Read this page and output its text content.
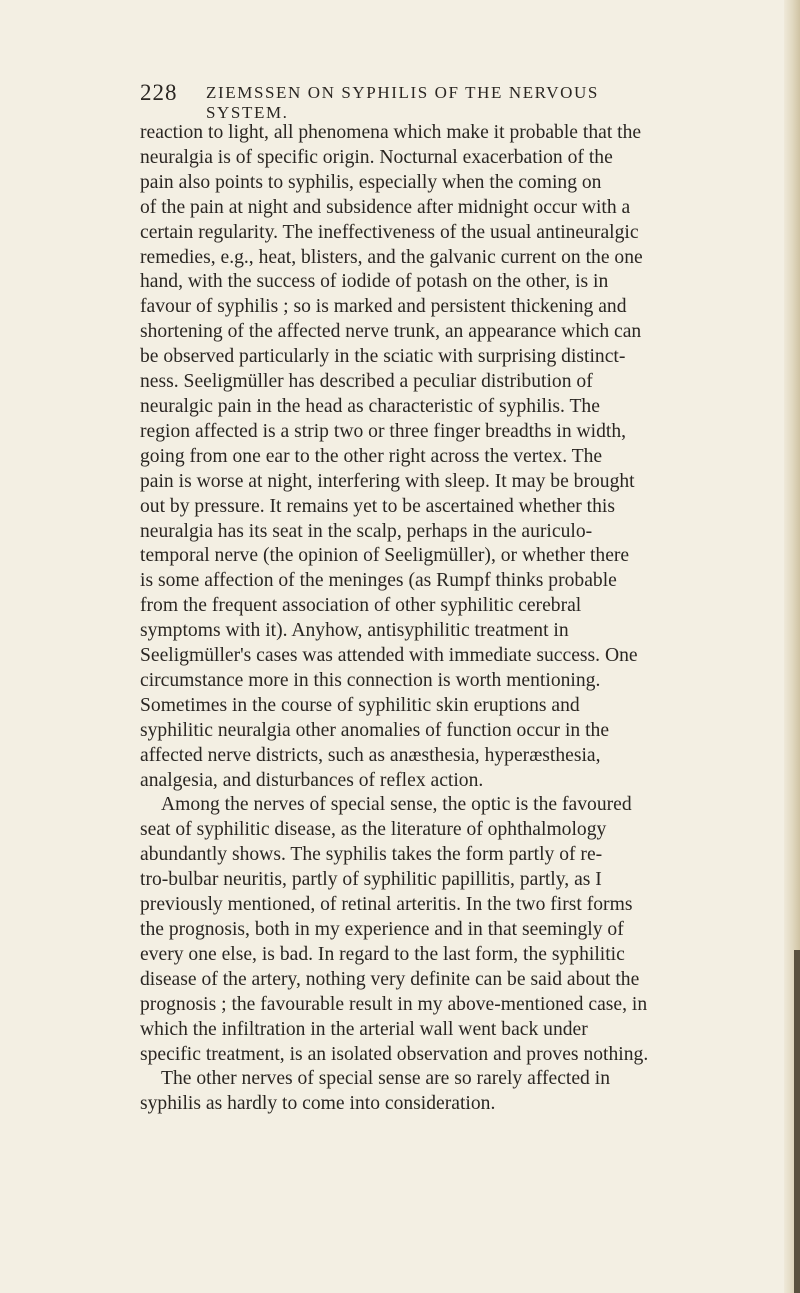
228 ZIEMSSEN ON SYPHILIS OF THE NERVOUS SYSTEM.
reaction to light, all phenomena which make it probable that the
neuralgia is of specific origin. Nocturnal exacerbation of the
pain also points to syphilis, especially when the coming on
of the pain at night and subsidence after midnight occur with a
certain regularity. The ineffectiveness of the usual antineuralgic
remedies, e.g., heat, blisters, and the galvanic current on the one
hand, with the success of iodide of potash on the other, is in
favour of syphilis ; so is marked and persistent thickening and
shortening of the affected nerve trunk, an appearance which can
be observed particularly in the sciatic with surprising distinct-
ness. Seeligmüller has described a peculiar distribution of
neuralgic pain in the head as characteristic of syphilis. The
region affected is a strip two or three finger breadths in width,
going from one ear to the other right across the vertex. The
pain is worse at night, interfering with sleep. It may be brought
out by pressure. It remains yet to be ascertained whether this
neuralgia has its seat in the scalp, perhaps in the auriculo-
temporal nerve (the opinion of Seeligmüller), or whether there
is some affection of the meninges (as Rumpf thinks probable
from the frequent association of other syphilitic cerebral
symptoms with it). Anyhow, antisyphilitic treatment in
Seeligmüller's cases was attended with immediate success. One
circumstance more in this connection is worth mentioning.
Sometimes in the course of syphilitic skin eruptions and
syphilitic neuralgia other anomalies of function occur in the
affected nerve districts, such as anæsthesia, hyperæsthesia,
analgesia, and disturbances of reflex action.
Among the nerves of special sense, the optic is the favoured
seat of syphilitic disease, as the literature of ophthalmology
abundantly shows. The syphilis takes the form partly of re-
tro-bulbar neuritis, partly of syphilitic papillitis, partly, as I
previously mentioned, of retinal arteritis. In the two first forms
the prognosis, both in my experience and in that seemingly of
every one else, is bad. In regard to the last form, the syphilitic
disease of the artery, nothing very definite can be said about the
prognosis ; the favourable result in my above-mentioned case, in
which the infiltration in the arterial wall went back under
specific treatment, is an isolated observation and proves nothing.
The other nerves of special sense are so rarely affected in
syphilis as hardly to come into consideration.
